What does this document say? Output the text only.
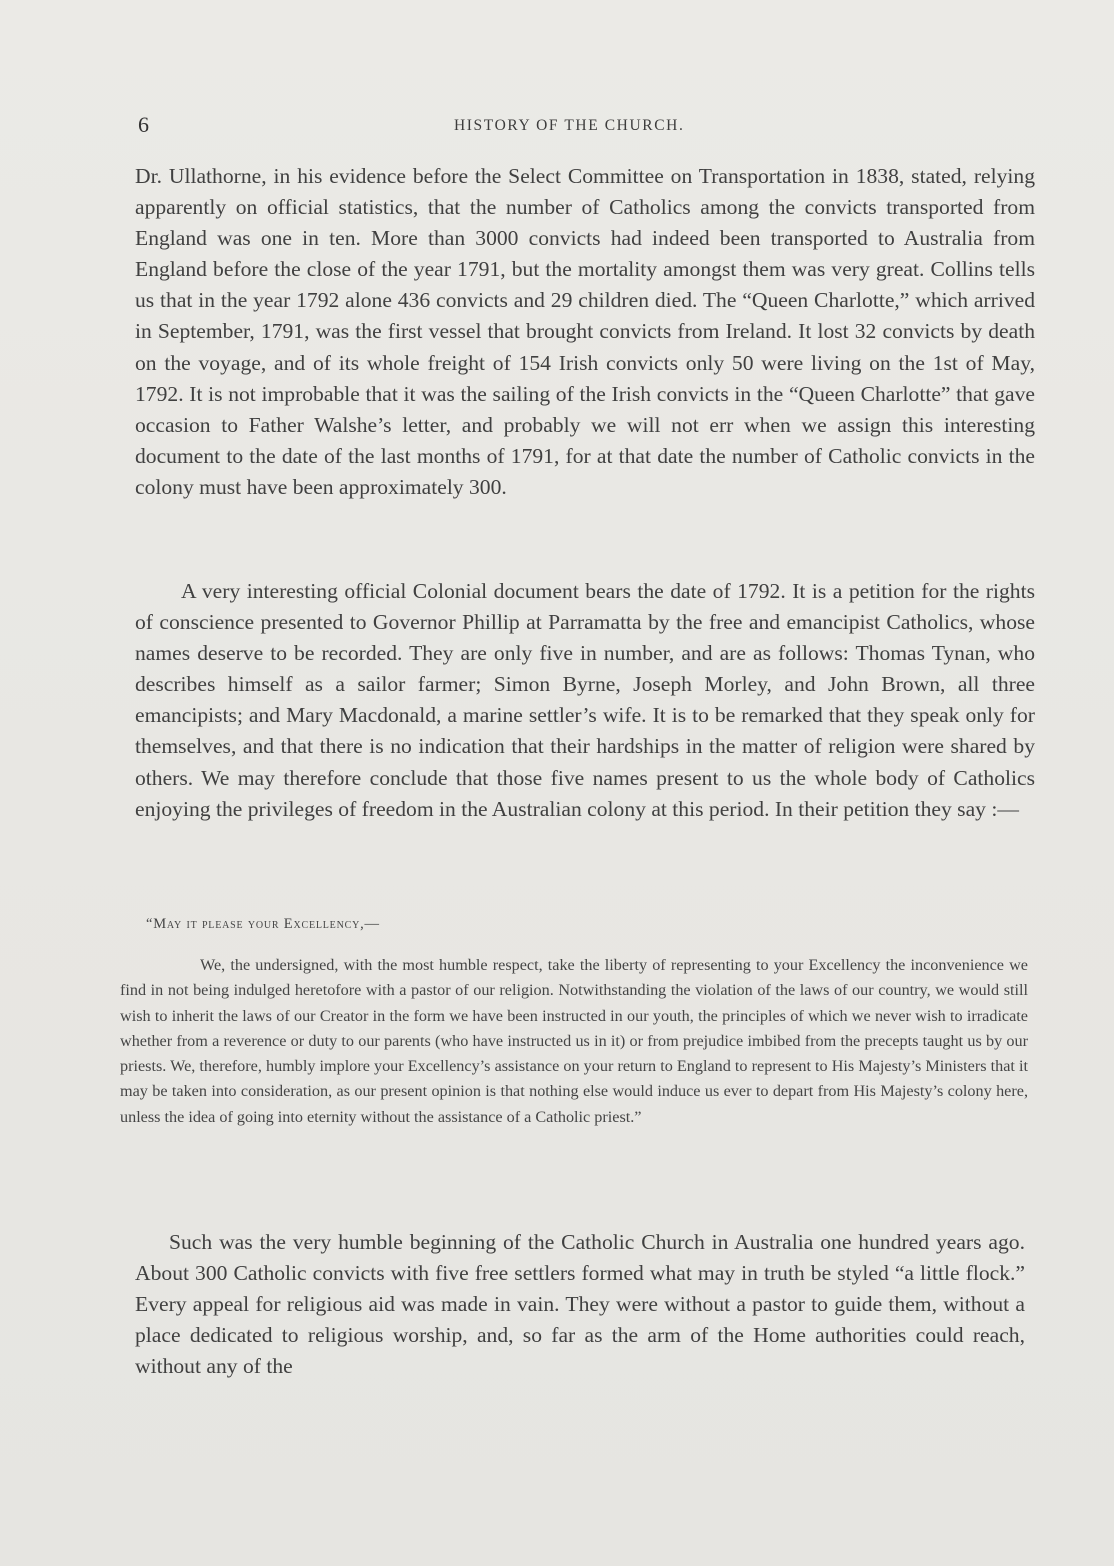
6	HISTORY OF THE CHURCH.

Dr. Ullathorne, in his evidence before the Select Committee on Transportation in 1838, stated, relying apparently on official statistics, that the number of Catholics among the convicts transported from England was one in ten. More than 3000 convicts had indeed been transported to Australia from England before the close of the year 1791, but the mortality amongst them was very great. Collins tells us that in the year 1792 alone 436 convicts and 29 children died. The “Queen Charlotte,” which arrived in September, 1791, was the first vessel that brought convicts from Ireland. It lost 32 convicts by death on the voyage, and of its whole freight of 154 Irish convicts only 50 were living on the 1st of May, 1792. It is not improbable that it was the sailing of the Irish convicts in the “Queen Charlotte” that gave occasion to Father Walshe’s letter, and probably we will not err when we assign this interesting document to the date of the last months of 1791, for at that date the number of Catholic convicts in the colony must have been approximately 300.

A very interesting official Colonial document bears the date of 1792. It is a petition for the rights of conscience presented to Governor Phillip at Parramatta by the free and emancipist Catholics, whose names deserve to be recorded. They are only five in number, and are as follows: Thomas Tynan, who describes himself as a sailor farmer; Simon Byrne, Joseph Morley, and John Brown, all three emancipists; and Mary Macdonald, a marine settler’s wife. It is to be remarked that they speak only for themselves, and that there is no indication that their hardships in the matter of religion were shared by others. We may therefore conclude that those five names present to us the whole body of Catholics enjoying the privileges of freedom in the Australian colony at this period. In their petition they say :—

“May it please your Excellency,—

We, the undersigned, with the most humble respect, take the liberty of representing to your Excellency the inconvenience we find in not being indulged heretofore with a pastor of our religion. Notwithstanding the violation of the laws of our country, we would still wish to inherit the laws of our Creator in the form we have been instructed in our youth, the principles of which we never wish to irradicate whether from a reverence or duty to our parents (who have instructed us in it) or from prejudice imbibed from the precepts taught us by our priests. We, therefore, humbly implore your Excellency’s assistance on your return to England to represent to His Majesty’s Ministers that it may be taken into consideration, as our present opinion is that nothing else would induce us ever to depart from His Majesty’s colony here, unless the idea of going into eternity without the assistance of a Catholic priest.”

Such was the very humble beginning of the Catholic Church in Australia one hundred years ago. About 300 Catholic convicts with five free settlers formed what may in truth be styled “a little flock.” Every appeal for religious aid was made in vain. They were without a pastor to guide them, without a place dedicated to religious worship, and, so far as the arm of the Home authorities could reach, without any of the
